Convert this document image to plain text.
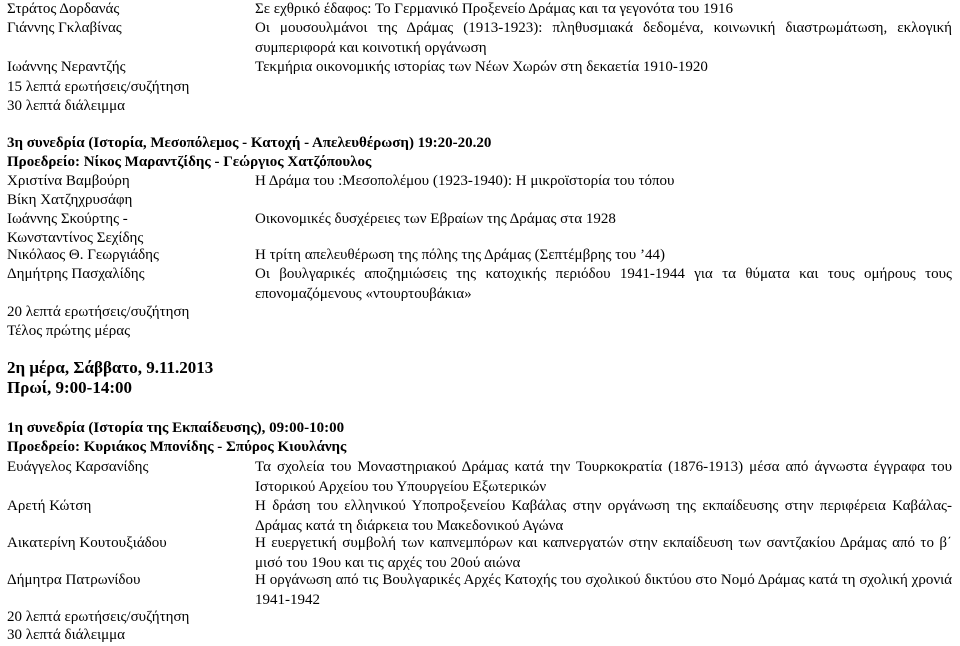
Στράτος Δορδανάς	Σε εχθρικό έδαφος: Το Γερμανικό Προξενείο Δράμας και τα γεγονότα του 1916
Γιάννης Γκλαβίνας	Οι μουσουλμάνοι της Δράμας (1913-1923): πληθυσμιακά δεδομένα, κοινωνική διαστρωμάτωση, εκλογική συμπεριφορά και κοινοτική οργάνωση
Ιωάννης Νεραντζής	Τεκμήρια οικονομικής ιστορίας των Νέων Χωρών στη δεκαετία 1910-1920
15 λεπτά ερωτήσεις/συζήτηση
30 λεπτά διάλειμμα
3η συνεδρία (Ιστορία, Μεσοπόλεμος - Κατοχή - Απελευθέρωση) 19:20-20.20
Προεδρείο: Νίκος Μαραντζίδης - Γεώργιος Χατζόπουλος
Χριστίνα Βαμβούρη	Η Δράμα του :Μεσοπολέμου (1923-1940): Η μικροϊστορία του τόπου
Βίκη Χατζηχρυσάφη
Ιωάννης Σκούρτης -	Οικονομικές δυσχέρειες των Εβραίων της Δράμας στα 1928
Κωνσταντίνος Σεχίδης
Νικόλαος Θ. Γεωργιάδης	Η τρίτη απελευθέρωση της πόλης της Δράμας (Σεπτέμβρης του ’44)
Δημήτρης Πασχαλίδης	Οι βουλγαρικές αποζημιώσεις της κατοχικής περιόδου 1941-1944 για τα θύματα και τους ομήρους τους επονομαζόμενους «ντουρτουβάκια»
20 λεπτά ερωτήσεις/συζήτηση
Τέλος πρώτης μέρας
2η μέρα, Σάββατο, 9.11.2013
Πρωί, 9:00-14:00
1η συνεδρία (Ιστορία της Εκπαίδευσης), 09:00-10:00
Προεδρείο: Κυριάκος Μπονίδης - Σπύρος Κιουλάνης
Ευάγγελος Καρσανίδης	Τα σχολεία του Μοναστηριακού Δράμας κατά την Τουρκοκρατία (1876-1913) μέσα από άγνωστα έγγραφα του Ιστορικού Αρχείου του Υπουργείου Εξωτερικών
Αρετή Κώτση	Η δράση του ελληνικού Υποπροξενείου Καβάλας στην οργάνωση της εκπαίδευσης στην περιφέρεια Καβάλας-Δράμας κατά τη διάρκεια του Μακεδονικού Αγώνα
Αικατερίνη Κουτουξιάδου	Η ευεργετική συμβολή των καπνεμπόρων και καπνεργατών στην εκπαίδευση των σαντζακίου Δράμας από το β΄ μισό του 19ου και τις αρχές του 20ού αιώνα
Δήμητρα Πατρωνίδου	Η οργάνωση από τις Βουλγαρικές Αρχές Κατοχής του σχολικού δικτύου στο Νομό Δράμας κατά τη σχολική χρονιά 1941-1942
20 λεπτά ερωτήσεις/συζήτηση
30 λεπτά διάλειμμα
